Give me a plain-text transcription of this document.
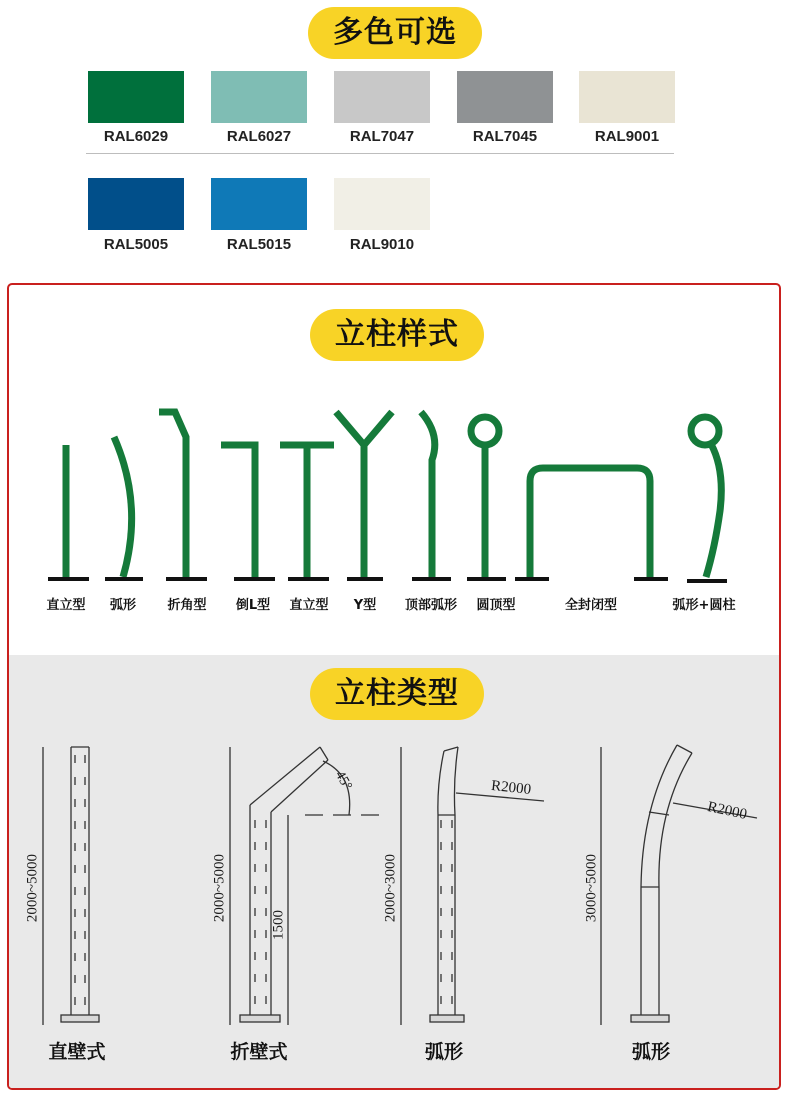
多色可选
RAL6029	RAL6027	RAL7047	RAL7045	RAL9001
RAL5005	RAL5015	RAL9010
立柱样式
直立型 弧形 折角型 倒L型 直立型 Y型 顶部弧形 圆顶型	全封闭型	弧形+圆柱
立柱类型
2000~5000	2000~5000
1500
45°
2000~3000
R2000
3000~5000
R2000
直壁式	折壁式	弧形	弧形
